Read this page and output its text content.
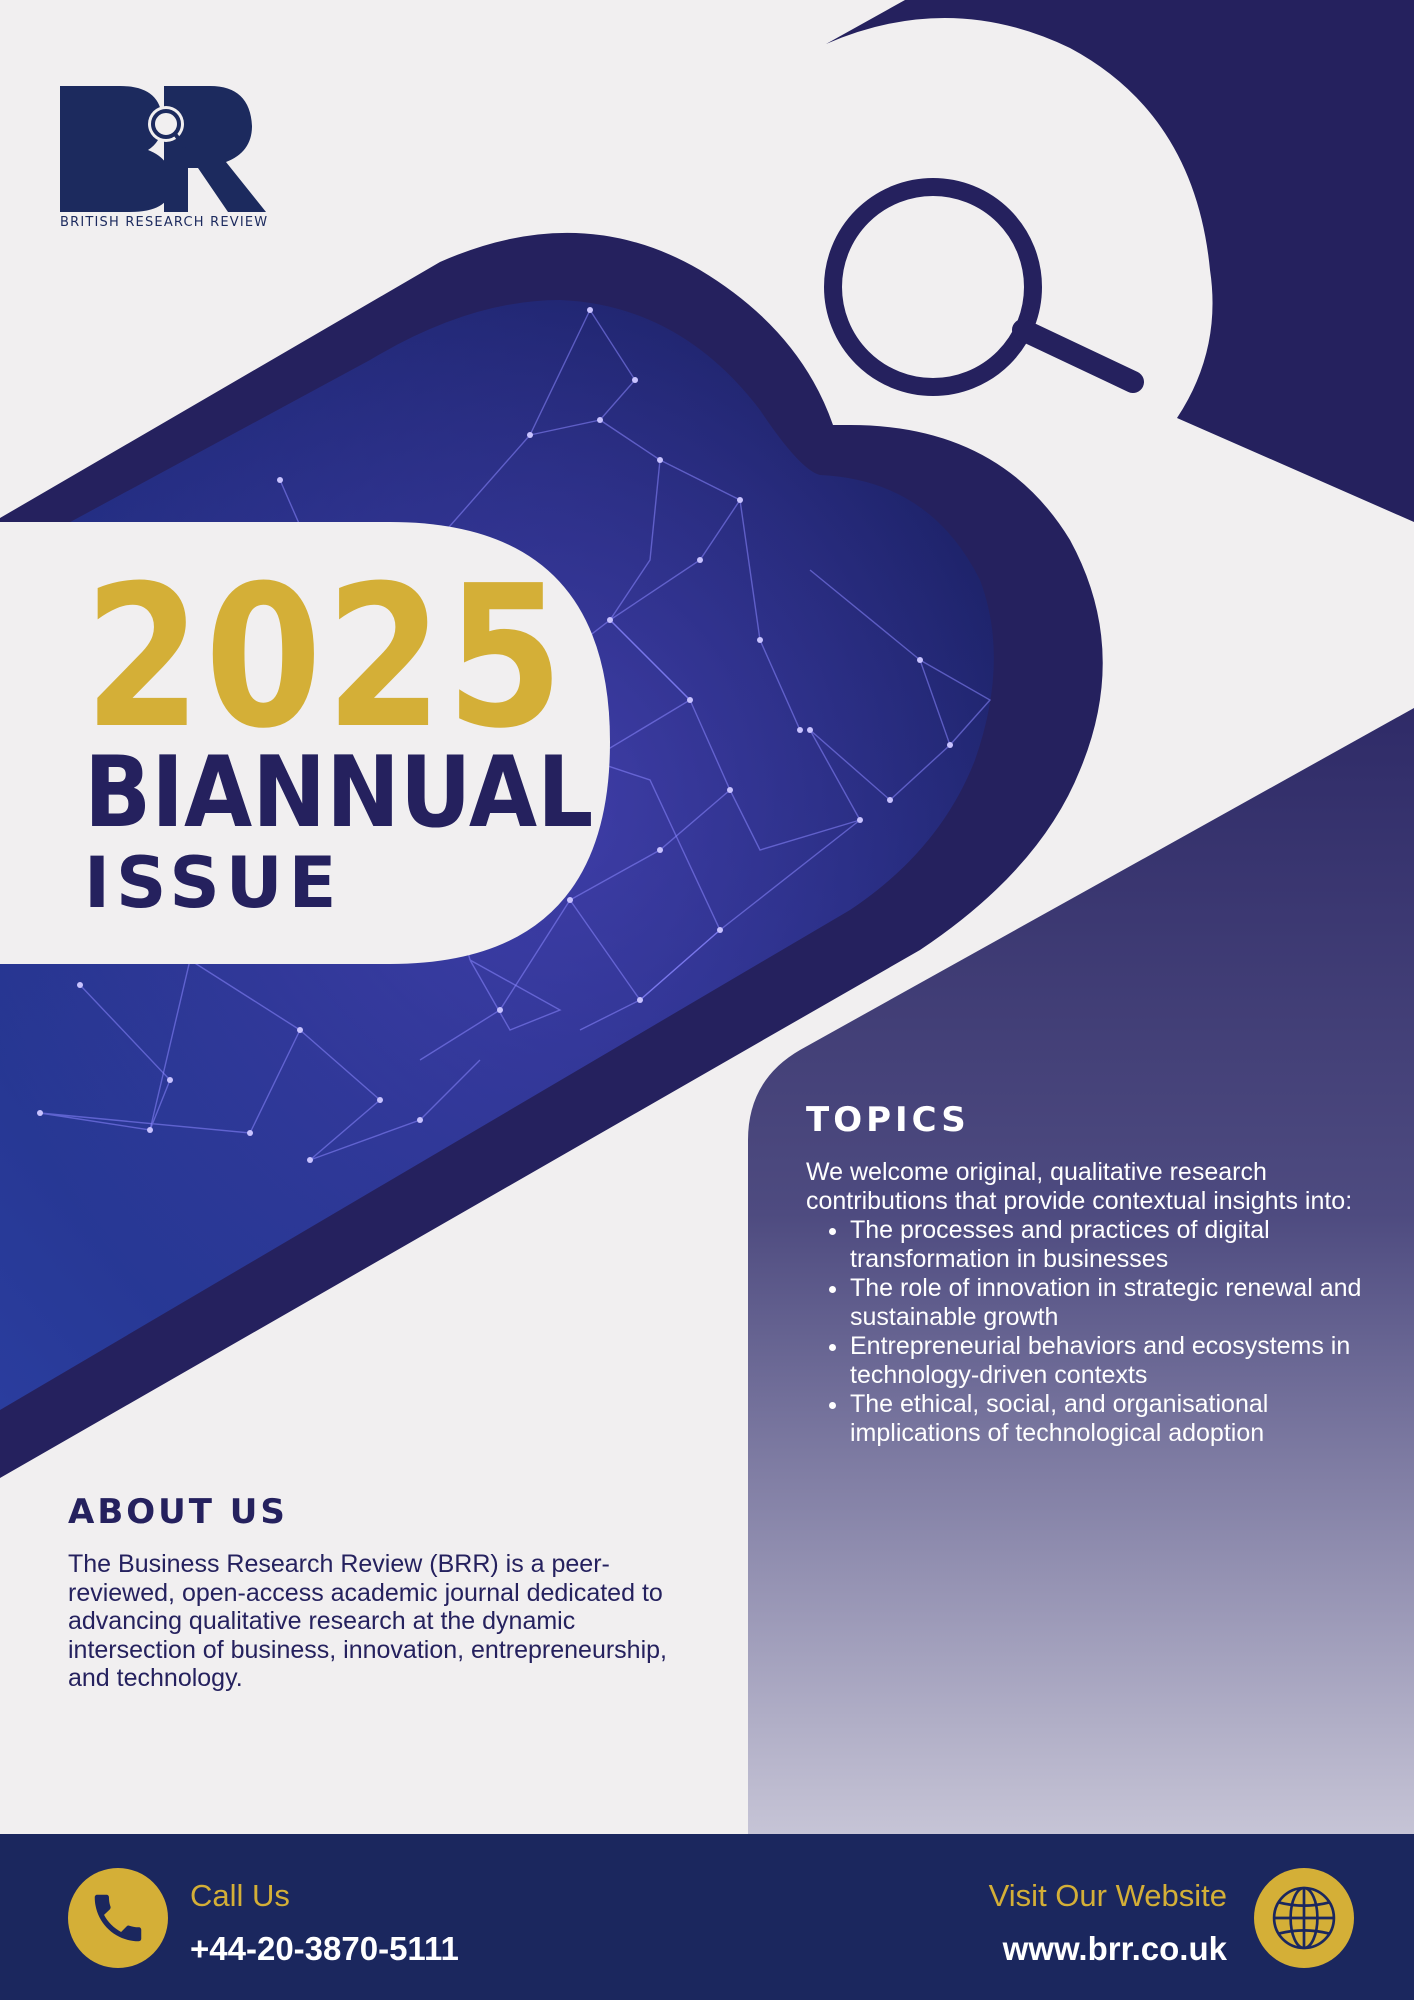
BRITISH RESEARCH REVIEW
2025
BIANNUAL
ISSUE
TOPICS

We welcome original, qualitative research contributions that provide contextual insights into:

• The processes and practices of digital transformation in businesses
• The role of innovation in strategic renewal and sustainable growth
• Entrepreneurial behaviors and ecosystems in technology-driven contexts
• The ethical, social, and organisational implications of technological adoption
ABOUT US

The Business Research Review (BRR) is a peer-reviewed, open-access academic journal dedicated to advancing qualitative research at the dynamic intersection of business, innovation, entrepreneurship, and technology.

Call Us
+44-20-3870-5111
Visit Our Website
www.brr.co.uk
